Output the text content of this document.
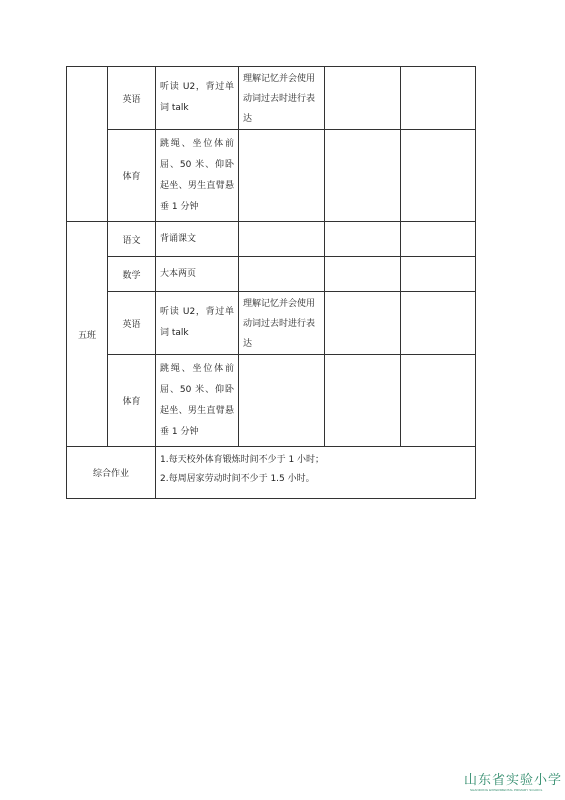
	英语	听读 U2，背过单词 talk	理解记忆并会使用动词过去时进行表达		

	体育	跳绳、坐位体前屈、50 米、仰卧起坐、男生直臂悬垂 1 分钟			
五班	语文	背诵课文			
	数学	大本两页			
	英语	听读 U2，背过单词 talk	理解记忆并会使用动词过去时进行表达		

	体育	跳绳、坐位体前屈、50 米、仰卧起坐、男生直臂悬垂 1 分钟			
综合作业		1.每天校外体育锻炼时间不少于 1 小时；
2.每周居家劳动时间不少于 1.5 小时。			
山东省实验小学
SHANDONG EXPERIMENTAL PRIMARY SCHOOL
